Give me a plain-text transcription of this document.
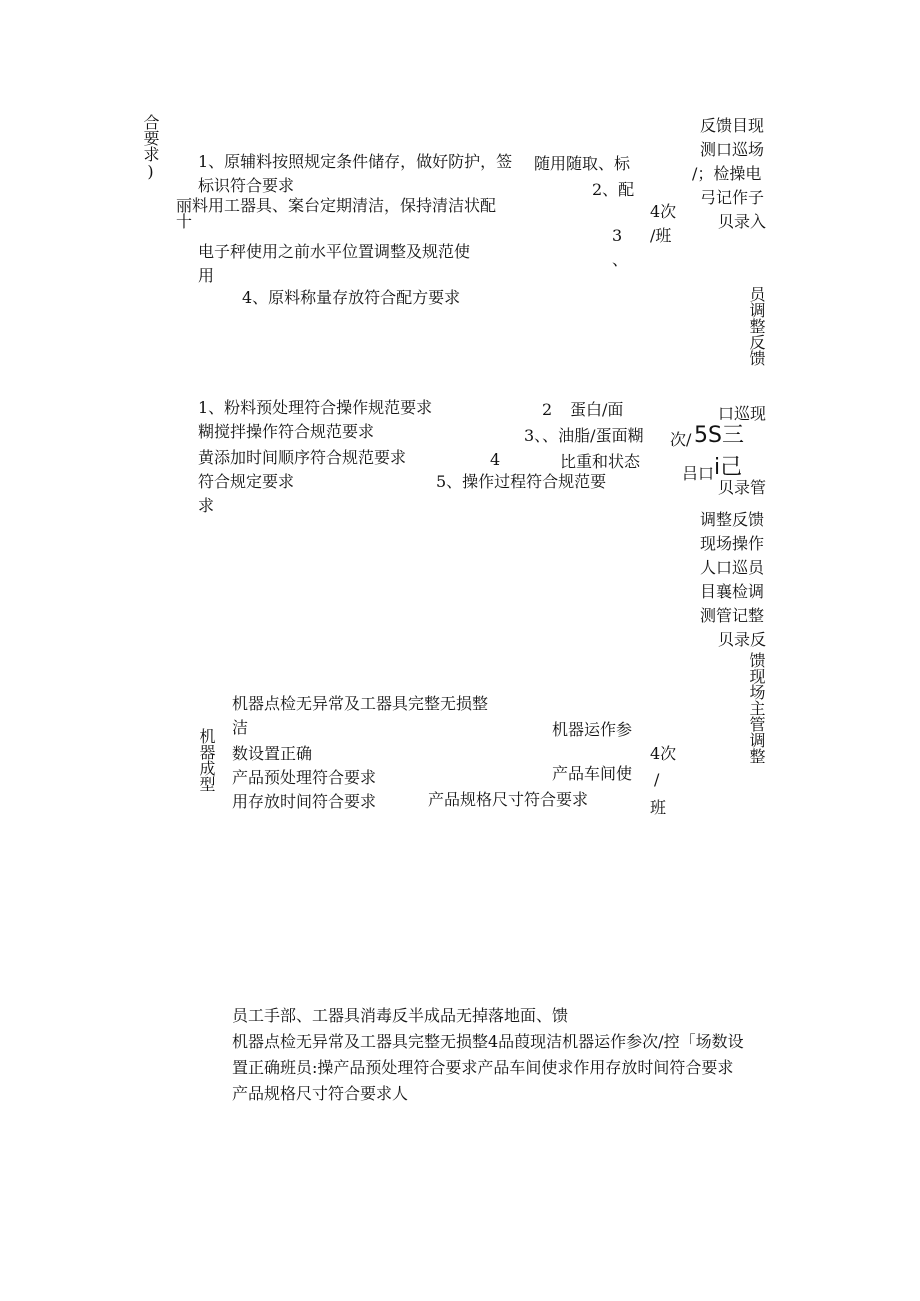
合要求) 1、原辅料按照规定条件储存，做好防护，签
标识符合要求
丽料用工器具、案台定期清洁，保持清洁状配
十
电子秤使用之前水平位置调整及规范使
用
4、原料称量存放符合配方要求
随用随取、标
2、配
3
、
4次
/班
反馈目现
测口巡场
/；检操电
弓记作子
贝录入
员调整反馈
1、粉料预处理符合操作规范要求
糊搅拌操作符合规范要求
黄添加时间顺序符合规范要求
符合规定要求
求
2 蛋白/面
3、、油脂/蛋面糊
4	比重和状态
5、操作过程符合规范要
口巡现
次/ 5S三
吕口 i己
贝录管
调整反馈
现场操作
人口巡员
目襄检调
测管记整
贝录反
馈现场主管调整
机器成型
机器点检无异常及工器具完整无损整
洁
数设置正确
产品预处理符合要求
用存放时间符合要求
机器运作参
产品车间使
产品规格尺寸符合要求
4次
/
班
员工手部、工器具消毒反半成品无掉落地面、馈
机器点检无异常及工器具完整无损整4品葭现洁机器运作参次/控「场数设
置正确班员:操产品预处理符合要求产品车间使求作用存放时间符合要求
产品规格尺寸符合要求人
